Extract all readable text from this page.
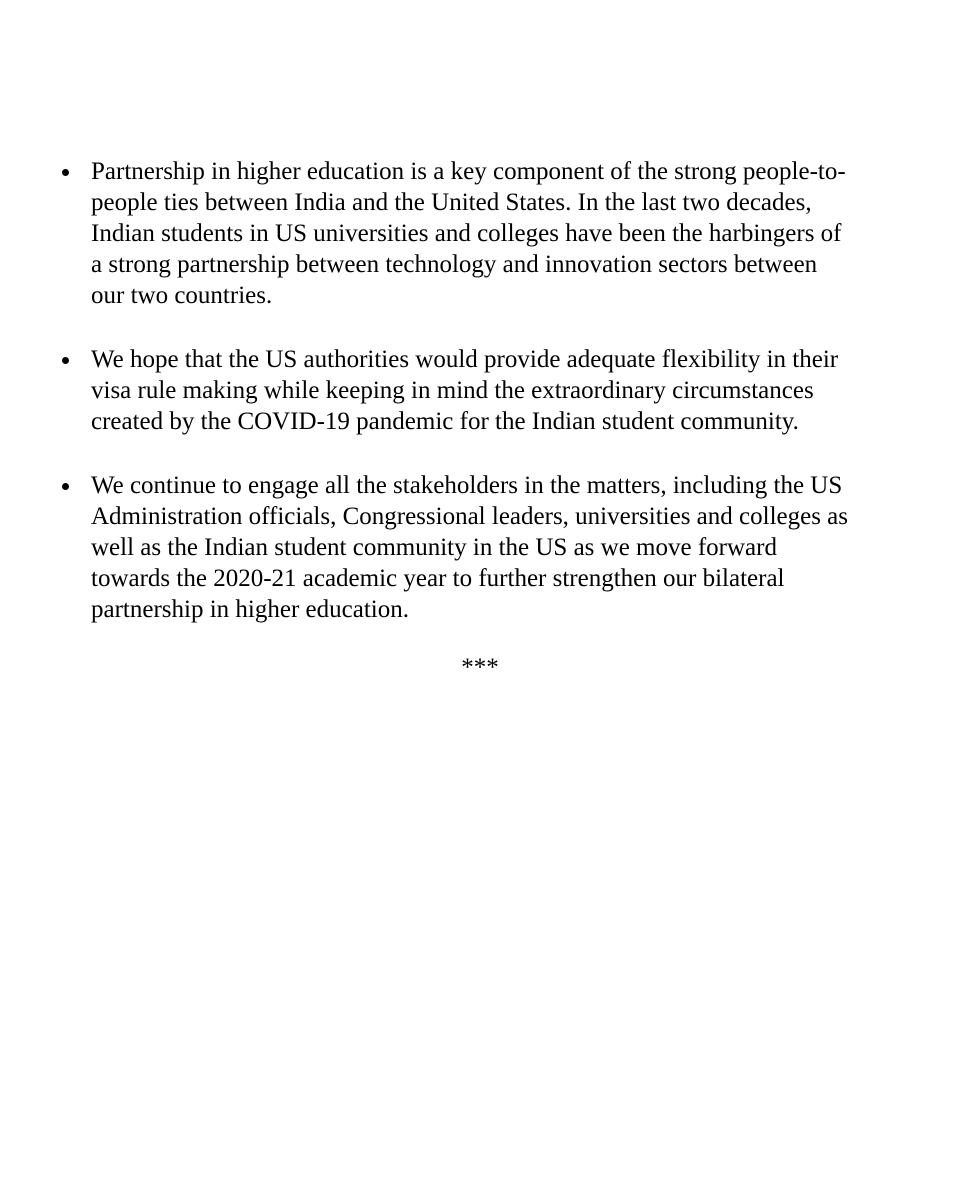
Partnership in higher education is a key component of the strong people-to-
people ties between India and the United States. In the last two decades,
Indian students in US universities and colleges have been the harbingers of
a strong partnership between technology and innovation sectors between
our two countries.

We hope that the US authorities would provide adequate flexibility in their
visa rule making while keeping in mind the extraordinary circumstances
created by the COVID-19 pandemic for the Indian student community.

We continue to engage all the stakeholders in the matters, including the US
Administration officials, Congressional leaders, universities and colleges as
well as the Indian student community in the US as we move forward
towards the 2020-21 academic year to further strengthen our bilateral
partnership in higher education.

***
